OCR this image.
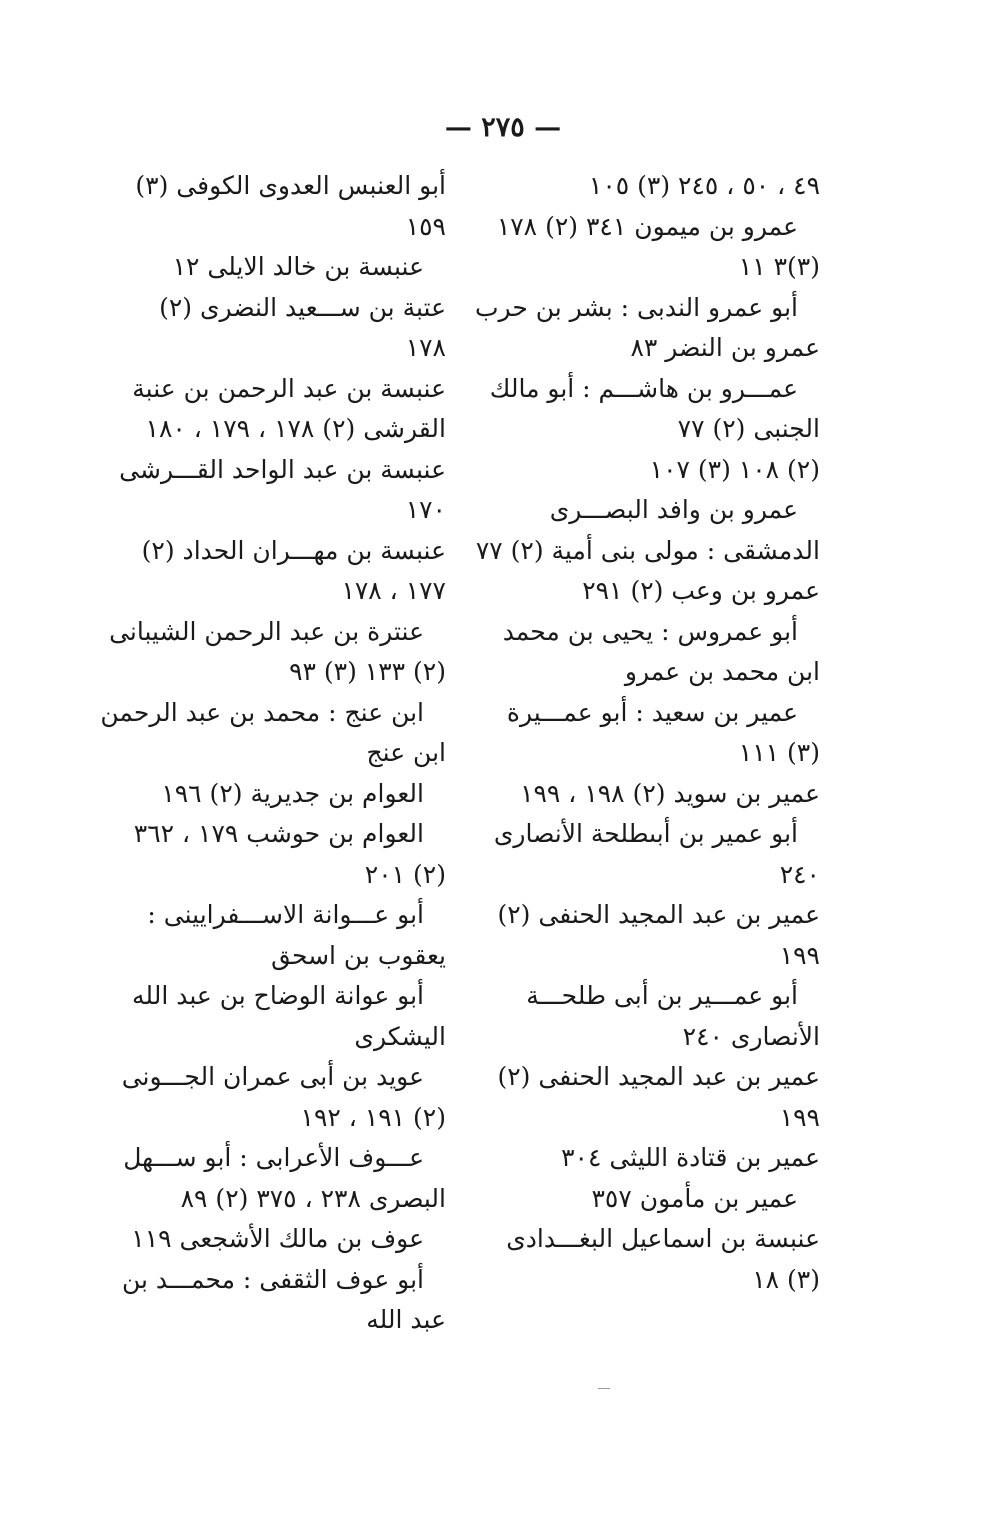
— ٢٧٥ —
٤٩ ، ٥٠ ، ٢٤٥ (٣) ١٠٥
عمرو بن ميمون ٣٤١ (٢) ١٧٨
(٣)٣ ١١
أبو عمرو الندبى : بشر بن حرب
عمرو بن النضر ٨٣
عمـــرو بن هاشـــم : أبو مالك
الجنبى (٢) ٧٧
(٢) ١٠٨ (٣) ١٠٧
عمرو بن وافد البصـــرى
الدمشقى : مولى بنى أمية (٢) ٧٧
عمرو بن وعب (٢) ٢٩١
أبو عمروس : يحيى بن محمد
ابن محمد بن عمرو
عمير بن سعيد : أبو عمـــيرة
(٣) ١١١
عمير بن سويد (٢) ١٩٨ ، ١٩٩
أبو عمير بن أبىطلحة الأنصارى
٢٤٠
عمير بن عبد المجيد الحنفى (٢)
١٩٩
أبو عمـــير بن أبى طلحـــة
الأنصارى ٢٤٠
عمير بن عبد المجيد الحنفى (٢)
١٩٩
عمير بن قتادة الليثى ٣٠٤
عمير بن مأمون ٣٥٧
عنبسة بن اسماعيل البغـــدادى
(٣) ١٨
أبو العنبس العدوى الكوفى (٣)
١٥٩
عنبسة بن خالد الايلى ١٢
عتبة بن ســـعيد النضرى (٢)
١٧٨
عنبسة بن عبد الرحمن بن عنبة
القرشى (٢) ١٧٨ ، ١٧٩ ، ١٨٠
عنبسة بن عبد الواحد القـــرشى
١٧٠
عنبسة بن مهـــران الحداد (٢)
١٧٧ ، ١٧٨
عنترة بن عبد الرحمن الشيبانى
(٢) ١٣٣ (٣) ٩٣
ابن عنج : محمد بن عبد الرحمن
ابن عنج
العوام بن جديرية (٢) ١٩٦
العوام بن حوشب ١٧٩ ، ٣٦٢
(٢) ٢٠١
أبو عـــوانة الاســـفرايينى :
يعقوب بن اسحق
أبو عوانة الوضاح بن عبد الله
اليشكرى
عويد بن أبى عمران الجـــونى
(٢) ١٩١ ، ١٩٢
عـــوف الأعرابى : أبو ســـهل
البصرى ٢٣٨ ، ٣٧٥ (٢) ٨٩
عوف بن مالك الأشجعى ١١٩
أبو عوف الثقفى : محمـــد بن
عبد الله
